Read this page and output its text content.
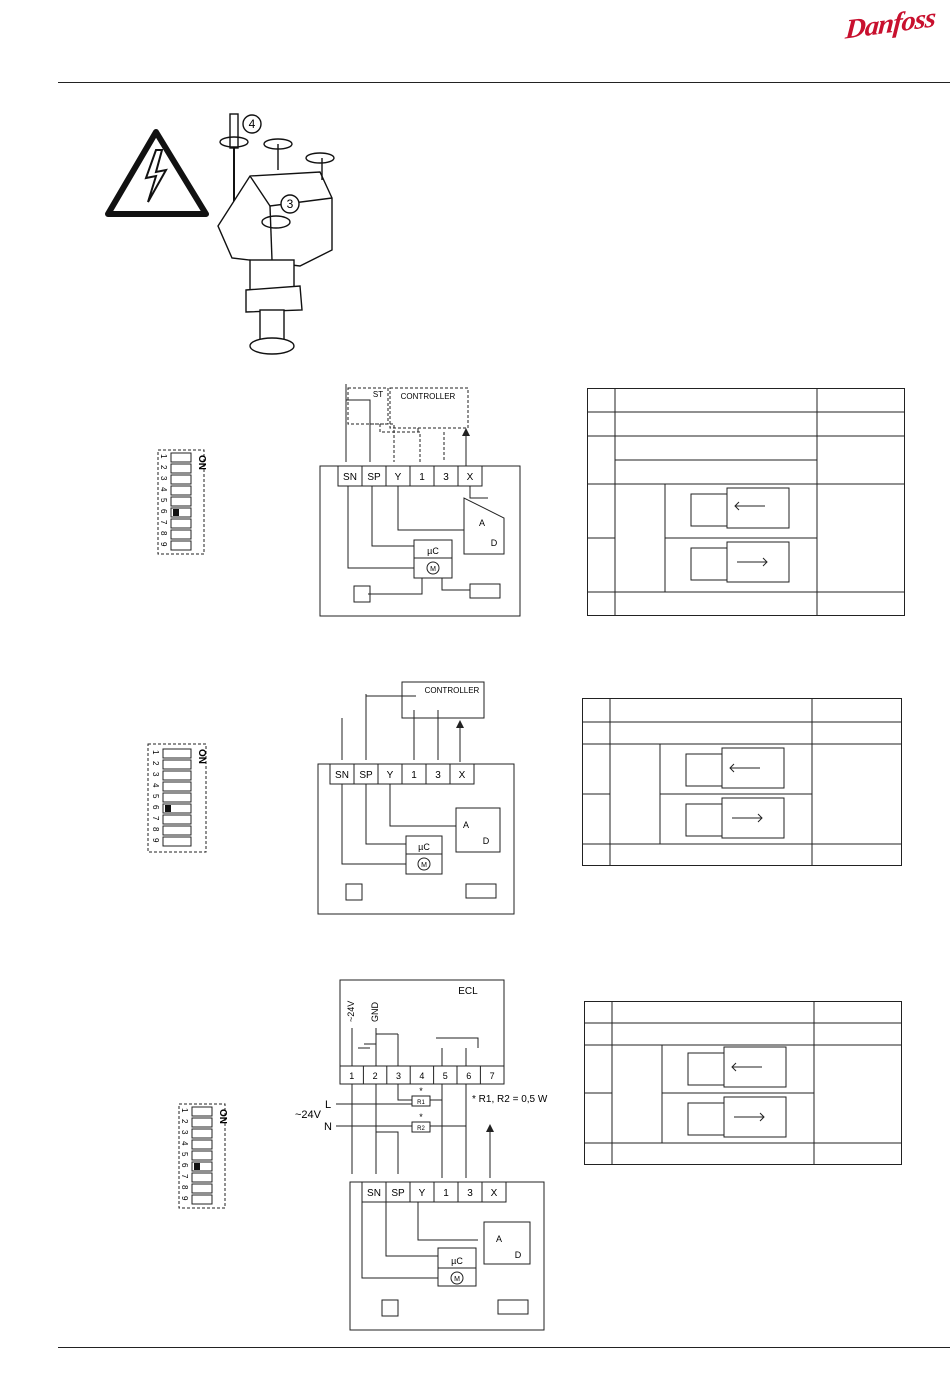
Danfoss
4
3
ON
1
2
3
4
5
6
7
8
9
CONTROLLER
ST
SN SP Y 1 3 X
A
D
µC
M
ON
1
2
3
4
5
6
7
8
9
CONTROLLER
SN SP Y 1 3 X
A
D
µC
M
ON
1
2
3
4
5
6
7
8
9
ECL
~24V GND
1 2 3 4 5 6 7
SN SP Y 1 3 X
L
~24V
N
R1
R2
*
*
* R1, R2 = 0,5 W
A
D
µC
M
